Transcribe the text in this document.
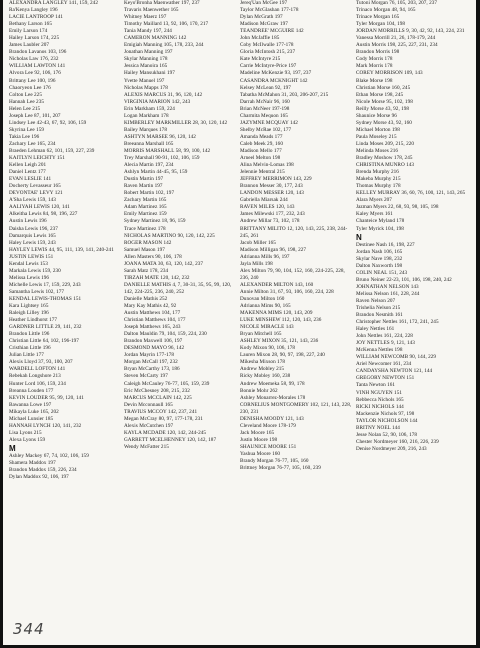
ALEXANDRA LANGLEY 141, 159, 242
Ra'Kenya Langley 196
LACIE LANTROOP 141
Bethany Larson 165
Emily Larson 174
Hailey Larson 174, 225
James Laubler 207
Brandon Lavanos 103, 196
Nicholas Law 176, 232
WILLIAM LAWTON 141
Alvora Lee 92, 106, 176
Brittany Lee 100, 196
Chaoryeon Lee 176
Colton Lee 225
Hannah Lee 235
Helen Lee 215
Joseph Lee 87, 101, 207
Lindsey Lee 42-43, 67, 92, 106, 159
Skyrina Lee 159
Takia Lee 196
Zachary Lee 165, 234
Braeden Lehman 62, 101, 159, 227, 239
KAITLYN LEICHTY 151
Kellen Leigh 201
Daniel Lentz 177
EVAN LESLIE 141
Docherty Levasseur 165
DEVONTAE' LEVY 121
A'Sha Lewis 159, 143
AALIYAH LEWIS 120, 141
Alkeitha Lewis 84, 98, 196, 227
Austin Lewis 196
Daisha Lewis 196, 237
Damarquis Lewis 165
Haley Lewis 159, 243
HAYLEY LEWIS 44, 95, 111, 139, 141, 240-241
JUSTIN LEWIS 151
Kendal Lewis 153
Markala Lewis 159, 230
Melissa Lewis 196
Michelle Lewis 17, 159, 229, 243
Samantha Lewis 102, 177
KENDAL LEWIS-THOMAS 151
Kara Lightsey 165
Raleigh Lilley 196
Heather Lindhorst 177
GARDNER LITTLE 29, 141, 232
Brandon Little 196
Christian Little 64, 102, 196-197
Cristhian Little 196
Julian Little 177
Alexis Lloyd 37, 93, 100, 207
WARDELL LOFTON 141
Rebekah Longshore 213
Hunter Lord 106, 159, 234
Breanna Louden 177
KEVIN LOUDER 95, 99, 120, 141
Bawanna Lowe 197
Mikayla Luke 165, 202
Michael Lunsier 185
HANNAH LYNCH 120, 141, 232
Lisa Lyons 215
Alexa Lyons 159
M
Ashley Mackey 67, 74, 102, 106, 159
Shamera Maddox 197
Brandon Maddox 159, 226, 234
Dylan Maddox 92, 106, 197
Keyo'Bronha Maenwather 197, 237
Travaris Maenwether 165
Whitney Maerz 197
Timothy Maillard 13, 92, 106, 170, 217
Tania Mandy 197, 244
CAMERON MANNING 142
Emigiah Manning 105, 178, 233, 244
Jonathan Manning 197
Skylar Manning 178
Jessica Manoira 165
Hailey Mansukhani 197
Yvette Manuel 197
Nicholas Mapps 178
ALEXIS MARCUS 31, 96, 120, 142
VIRGINIA MARION 142, 243
Erin Markham 159, 224
Logan Markham 178
KIMBERLEY MARKMILLER 28, 30, 120, 142
Bailey Marques 178
ASHTYN MARSEE 96, 120, 142
Breeanna Marshall 165
MORRIS MARSHALL 58, 99, 100, 142
Trey Marshall 90-91, 102, 106, 159
Alecia Martin 197, 234
Ashlyn Martin 44-45, 95, 159
Dustin Martin 197
Raven Martin 197
Robert Martin 102, 197
Zachary Martin 165
Adam Martinez 165
Emily Martinez 159
Sydney Martinez 18, 96, 159
Trace Martinez 178
NICHOLAS MARTINO 90, 120, 142, 225
ROGER MASON 142
Samuel Mason 197
Allen Masters 90, 106, 178
JOANA MATA 30, 63, 120, 142, 237
Sarah Matz 178, 234
TIRZAH MATE 120, 142, 232
DANIELLE MATHIS 4, 7, 30-31, 35, 95, 99, 120, 142, 224-225, 236, 240, 252
Danielle Mathis 252
Mary Kay Mathis 42, 92
Austin Matthews 104, 177
Christian Matthews 104, 177
Joseph Matthews 165, 243
Dalton Mauldin 79, 104, 159, 224, 230
Brandon Maxwell 106, 197
DESMOND MAYO 96, 142
Jordan Mayrin 177-178
Morgan McCall 197, 232
Bryan McCarthy 173, 186
Steven McCarty 197
Caleigh McCauley 76-77, 105, 159, 239
Eric McChesney 208, 215, 232
MARCUS MCCLAIN 142, 225
Devin Mcconnaull 165
TRAVIUS MCCOY 142, 237, 241
Megan McCray 80, 97, 177-178, 231
Alexis McCutchen 197
KAYLA MCDADE 120, 142, 244-245
GARRETT MCELHENNEY 120, 142, 187
Wendy McFatter 215
Jereq'Uan McGee 197
Taylor McGlashan 177-178
Dylan McGrath 197
Madison McGraw 197
TEANDREE' MCGUIRE 142
John McJaffie 185
Coby McIlwalle 177-178
Gloria McIntosh 215, 237
Kate McIntyre 215
Carrie McIntyre-Price 197
Madeline McKenzie 93, 197, 237
CASANDRA MCKNIGHT 142
Kelsey McLean 92, 197
Tabatha McMahon 31, 203, 206-207, 215
Darrah McNair 96, 160
Brian McNeer 197-198
Charmita Mequon 165
JAZYMNE MCQUAY 142
Shelby McRae 102, 177
Amanda Meads 177
Caleb Meek 29, 160
Madison Mello 177
Arneel Melton 198
Alina Melvin-Lomas 198
Jelennie Mentral 215
JEFFREY MERRIMON 143, 229
Brannon Messer 30, 177, 243
LANDON MESSER 120, 143
Gabriella Miarsak 244
RAVEN MILES 120, 143
James Milewski 177, 232, 243
Andrew Millar 73, 102, 178
BRITTANY MILITO 12, 120, 143, 225, 238, 244-245, 261
Jacob Miller 165
Madison Milligan 96, 198, 227
Adrianna Mills 96, 197
Jayla Mills 198
Alex Milton 79, 90, 104, 152, 160, 224-225, 228, 236, 240
ALEXANDER MILTON 143, 160
Annie Milton 31, 67, 93, 106, 160, 224, 228
Dunovan Milton 160
Adrianna Mims 90, 165
MAKENNA MIMS 120, 143, 209
LUKE MINSHEW 112, 120, 143, 236
NICOLE MIRACLE 143
Bryan Mitchell 165
ASHLEY MIXON 35, 121, 143, 236
Kody Mixon 90, 106, 178
Lauren Mixon 28, 90, 97, 198, 227, 240
Mikesha Mixson 178
Andrew Mobley 215
Ricky Mobley 160, 238
Andrew Moemeka 58, 99, 178
Bonnie Mohr 262
Ashley Monarrez-Morales 178
CORNELIUS MONTGOMERY 102, 121, 143, 228, 230, 231
DENISHA MOODY 121, 143
Cleveland Moore 178-179
Jack Moore 165
Justin Moore 198
SHAUNICE MOORE 151
Yashua Moore 160
Brandy Morgan 76-77, 105, 160
Brittney Morgan 76-77, 105, 160, 239
Tutoni Morgan 76, 105, 203, 207, 237
Trinaco Morgan 48, 94, 165
Trinace Morgan 165
Tyler Morgan 104, 198
JORDAN MORRILLS 9, 30, 42, 92, 143, 224, 231
Vanessa Morrill 21, 26, 178-179, 244
Austin Morris 198, 225, 227, 231, 234
Brandon Morris 198
Cody Morris 178
Mark Morris 178
COREY MORRISON 109, 143
Blake Morse 198
Christian Morse 160, 245
Ethan Morse 198, 245
Nicole Morse 95, 102, 198
Reilly Morse 43, 92, 198
Shaunice Morse 96
Sydney Morse 43, 92, 160
Michael Morton 198
Paula Moseley 215
Linda Moses 209, 215, 220
Melinda Moses 216
Bradley Moshow 178, 245
CHRISTINA MUNRO 143
Brenda Murphy 216
Makeba Murphy 215
Thomas Murphy 178
KELLEY MURRAY 36, 60, 76, 100, 121, 143, 265
Alara Myers 207
Jazman Myers 22, 68, 93, 98, 105, 198
Kaley Myers 161
Chanteice Myland 178
Tyler Myrick 104, 198
N
Destinee Nash 16, 198, 227
Jordan Nash 106, 165
Skylar Nave 198, 232
Dalton Naxworth 198
COLIN NEAL 151, 243
Bruno Neiner 22-23, 101, 106, 198, 240, 242
JOHNATHAN NELSON 143
Melissa Nelson 161, 228, 244
Raven Nelson 207
Trishelia Nelson 215
Brandon Nesmith 161
Christopher Nettles 161, 172, 241, 245
Haley Nettles 161
John Nettles 161, 224, 228
JOY NETTLES 9, 121, 143
McKenna Nettles 198
WILLIAM NEWCOMB 90, 144, 229
Ariel Newcomer 161, 234
CANDAYSHA NEWTON 121, 144
GREGORY NEWTON 151
Tanta Newton 161
VINH NGUYEN 151
Rebbecca Nichols 165
RICKI NICHOLS 144
Mackenzie Nichols 97, 198
TAYLOR NICHOLSON 144
BRITNY NOEL 144
Jesse Nolan 52, 90, 106, 178
Chester Nordmeyer 160, 216, 226, 239
Denise Nordmeyer 209, 216, 243
344
